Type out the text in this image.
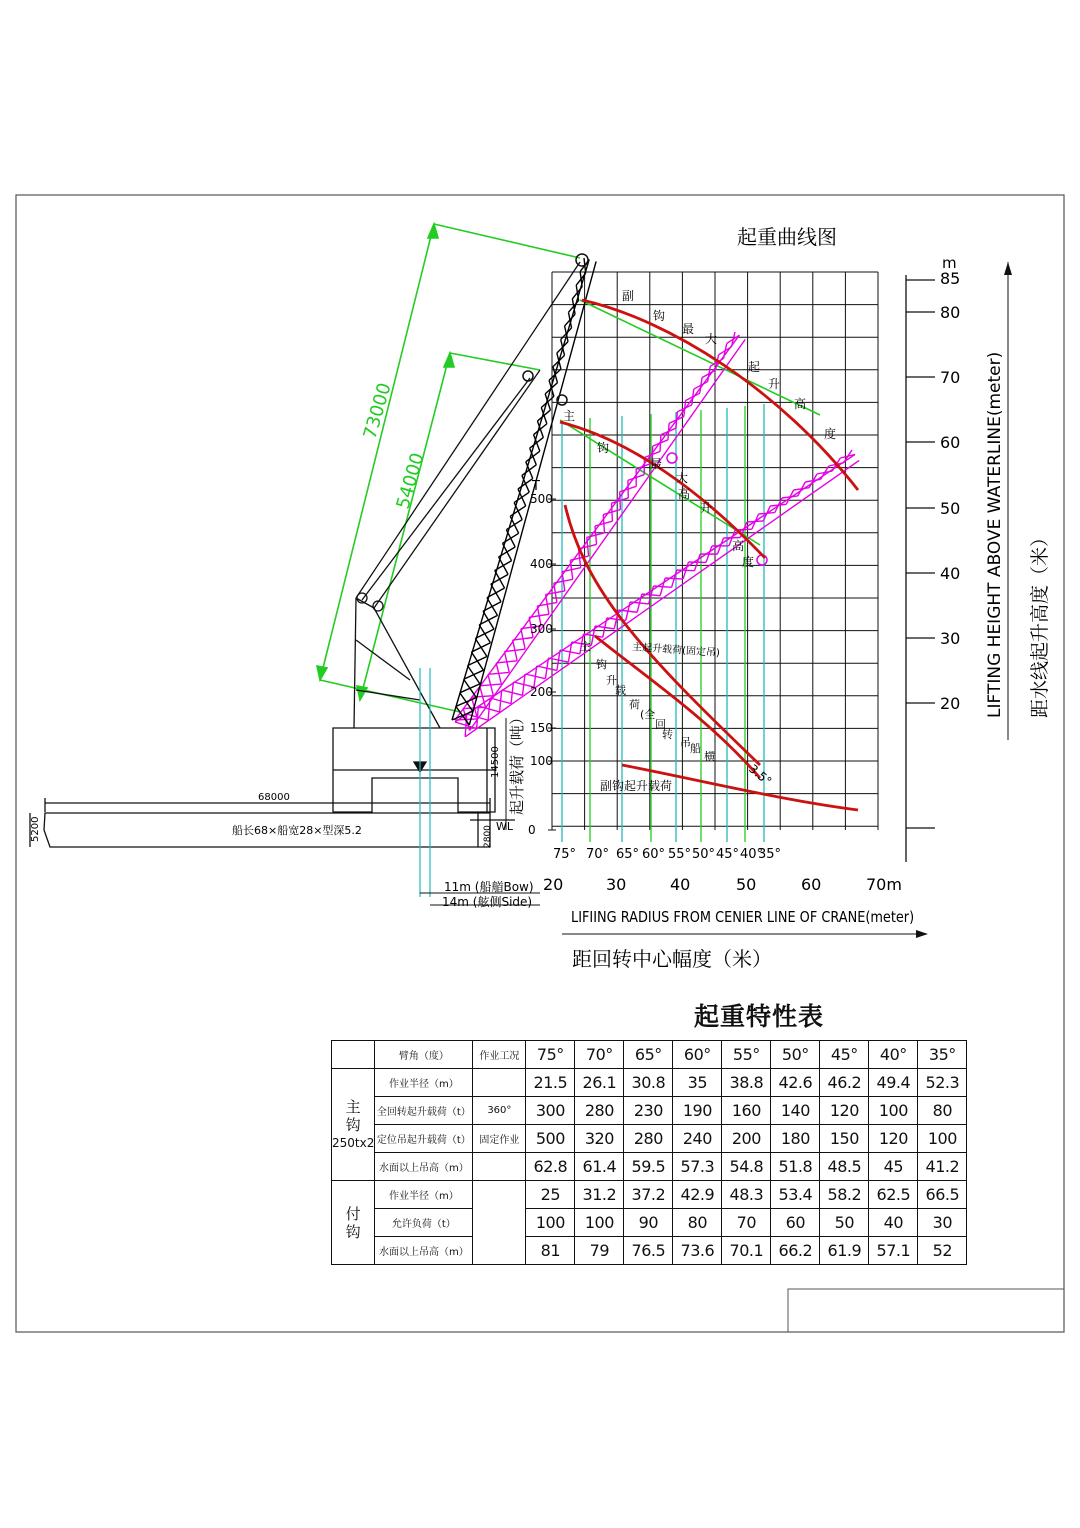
起重曲线图
73000
54000
68000
5200	2800
14500
船长68×船宽28×型深5.2	WL
副
钩
最
大
起
升
高
度
主
钩
最
大
高
升
高
度
主
钩
升
载
荷
(全
回
转
吊 船
横
主起升载荷(固定吊)
3.5°
副钩起升载荷
80
70
60
50
40
30
20
85
m
LIFTING HEIGHT ABOVE WATERLINE(meter) 距水线起升高度（米）
500
400
300
200
150
100
0
T
起升载荷（吨）
75° 70° 65° 60° 55° 50° 45° 40°
35°
20	30	40	50	60	70m
LIFIING RADIUS FROM CENIER LINE OF CRANE(meter)
距回转中心幅度（米）
11m (船艏Bow)
14m (舷侧Side)
起重特性表
	臂角（度）	作业工况	75°	70°	65°	60°	55°	50°	45°	40°	35°

主
钩
250tx2	作业半径（m）		21.5	26.1	30.8	35	38.8	42.6	46.2	49.4	52.3
	全回转起升载荷（t）	360°	300	280	230	190	160	140	120	100	80
	定位吊起升载荷（t）	固定作业	500	320	280	240	200	180	150	120	100
	水面以上吊高（m）		62.8	61.4	59.5	57.3	54.8	51.8	48.5	45	41.2

付
钩	作业半径（m）		25	31.2	37.2	42.9	48.3	53.4	58.2	62.5	66.5
	允许负荷（t）		100	100	90	80	70	60	50	40	30
	水面以上吊高（m）		81	79	76.5	73.6	70.1	66.2	61.9	57.1	52
